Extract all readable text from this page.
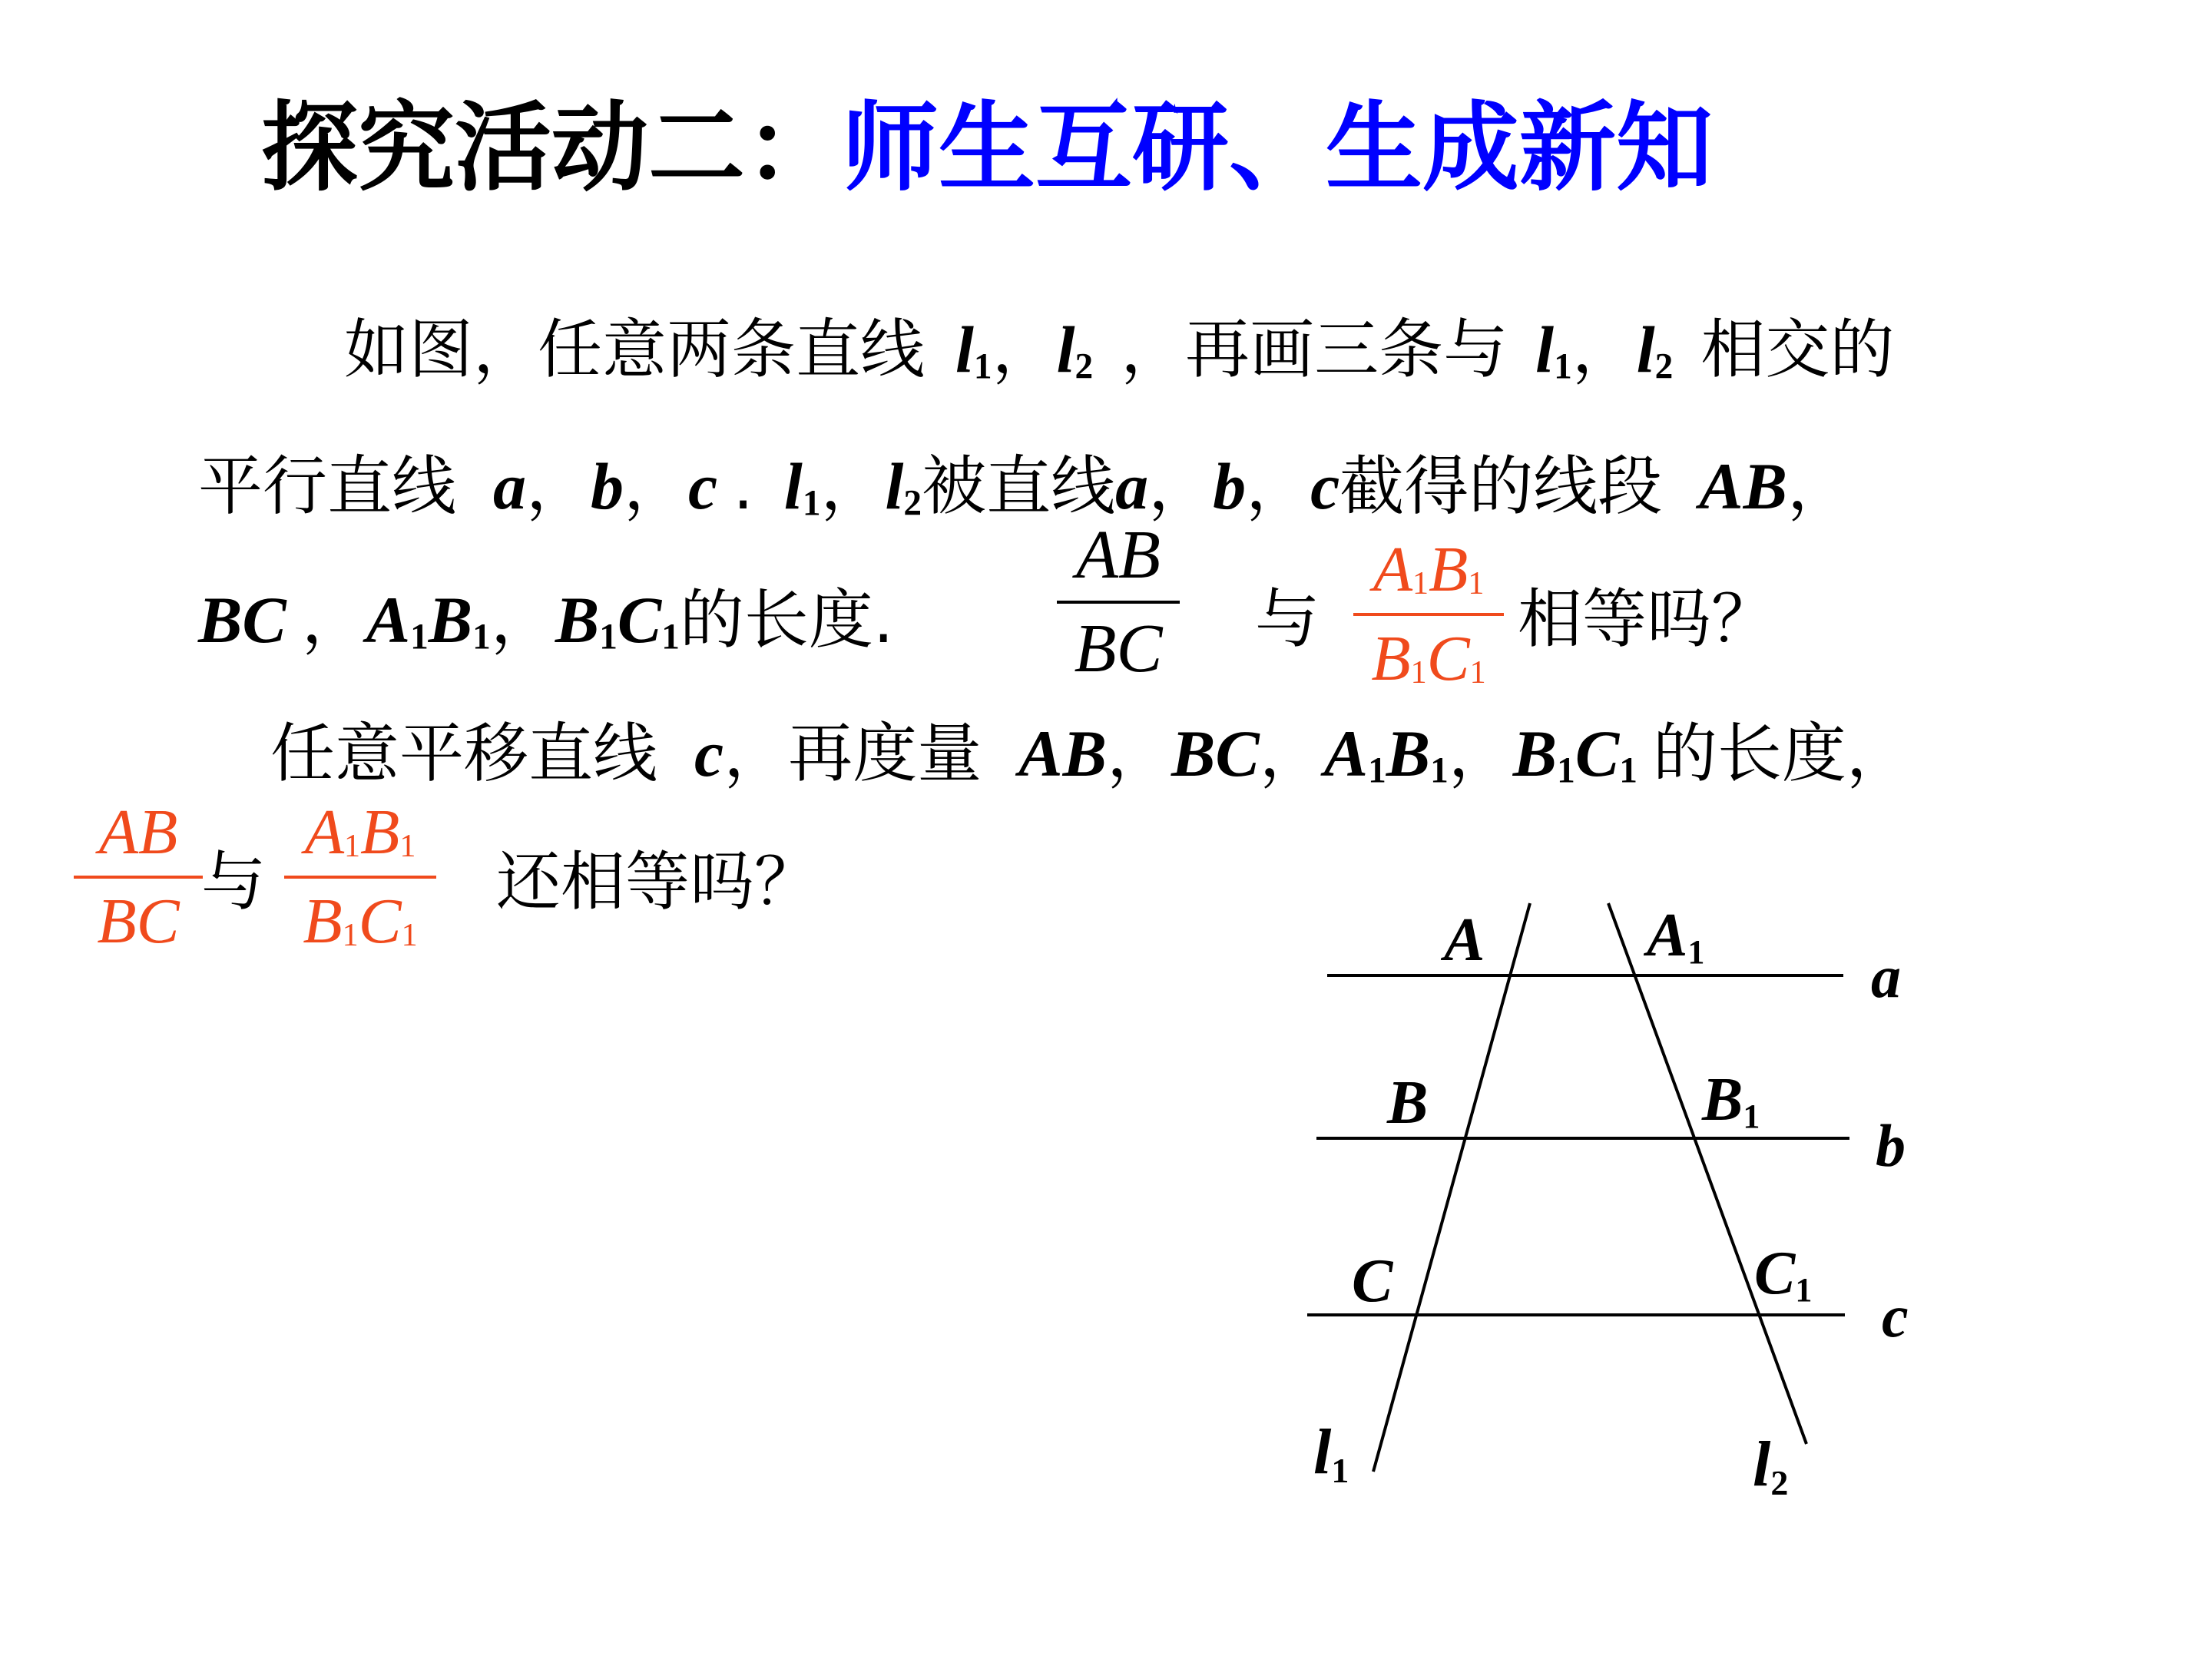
探究活动二：师生互研、生成新知
如图，任意两条直线 $l_1$，$l_2$ ，再画三条与 $l_1$，$l_2$ 相交的
平行直线 a，b，c . $l_1$，$l_2$被直线a，b，c截得的线段 AB，
BC ，$A_1B_1$，$B_1C_1$的长度.	与	相等吗？
AB
BC
$A_1B_1$
$B_1C_1$
任意平移直线 c，再度量 AB，BC，$A_1B_1$，$B_1C_1$ 的长度，
AB
BC
与
$A_1B_1$
$B_1C_1$
还相等吗？
A	A1	a
B	B1 b
C	C1 c
l1	l2
